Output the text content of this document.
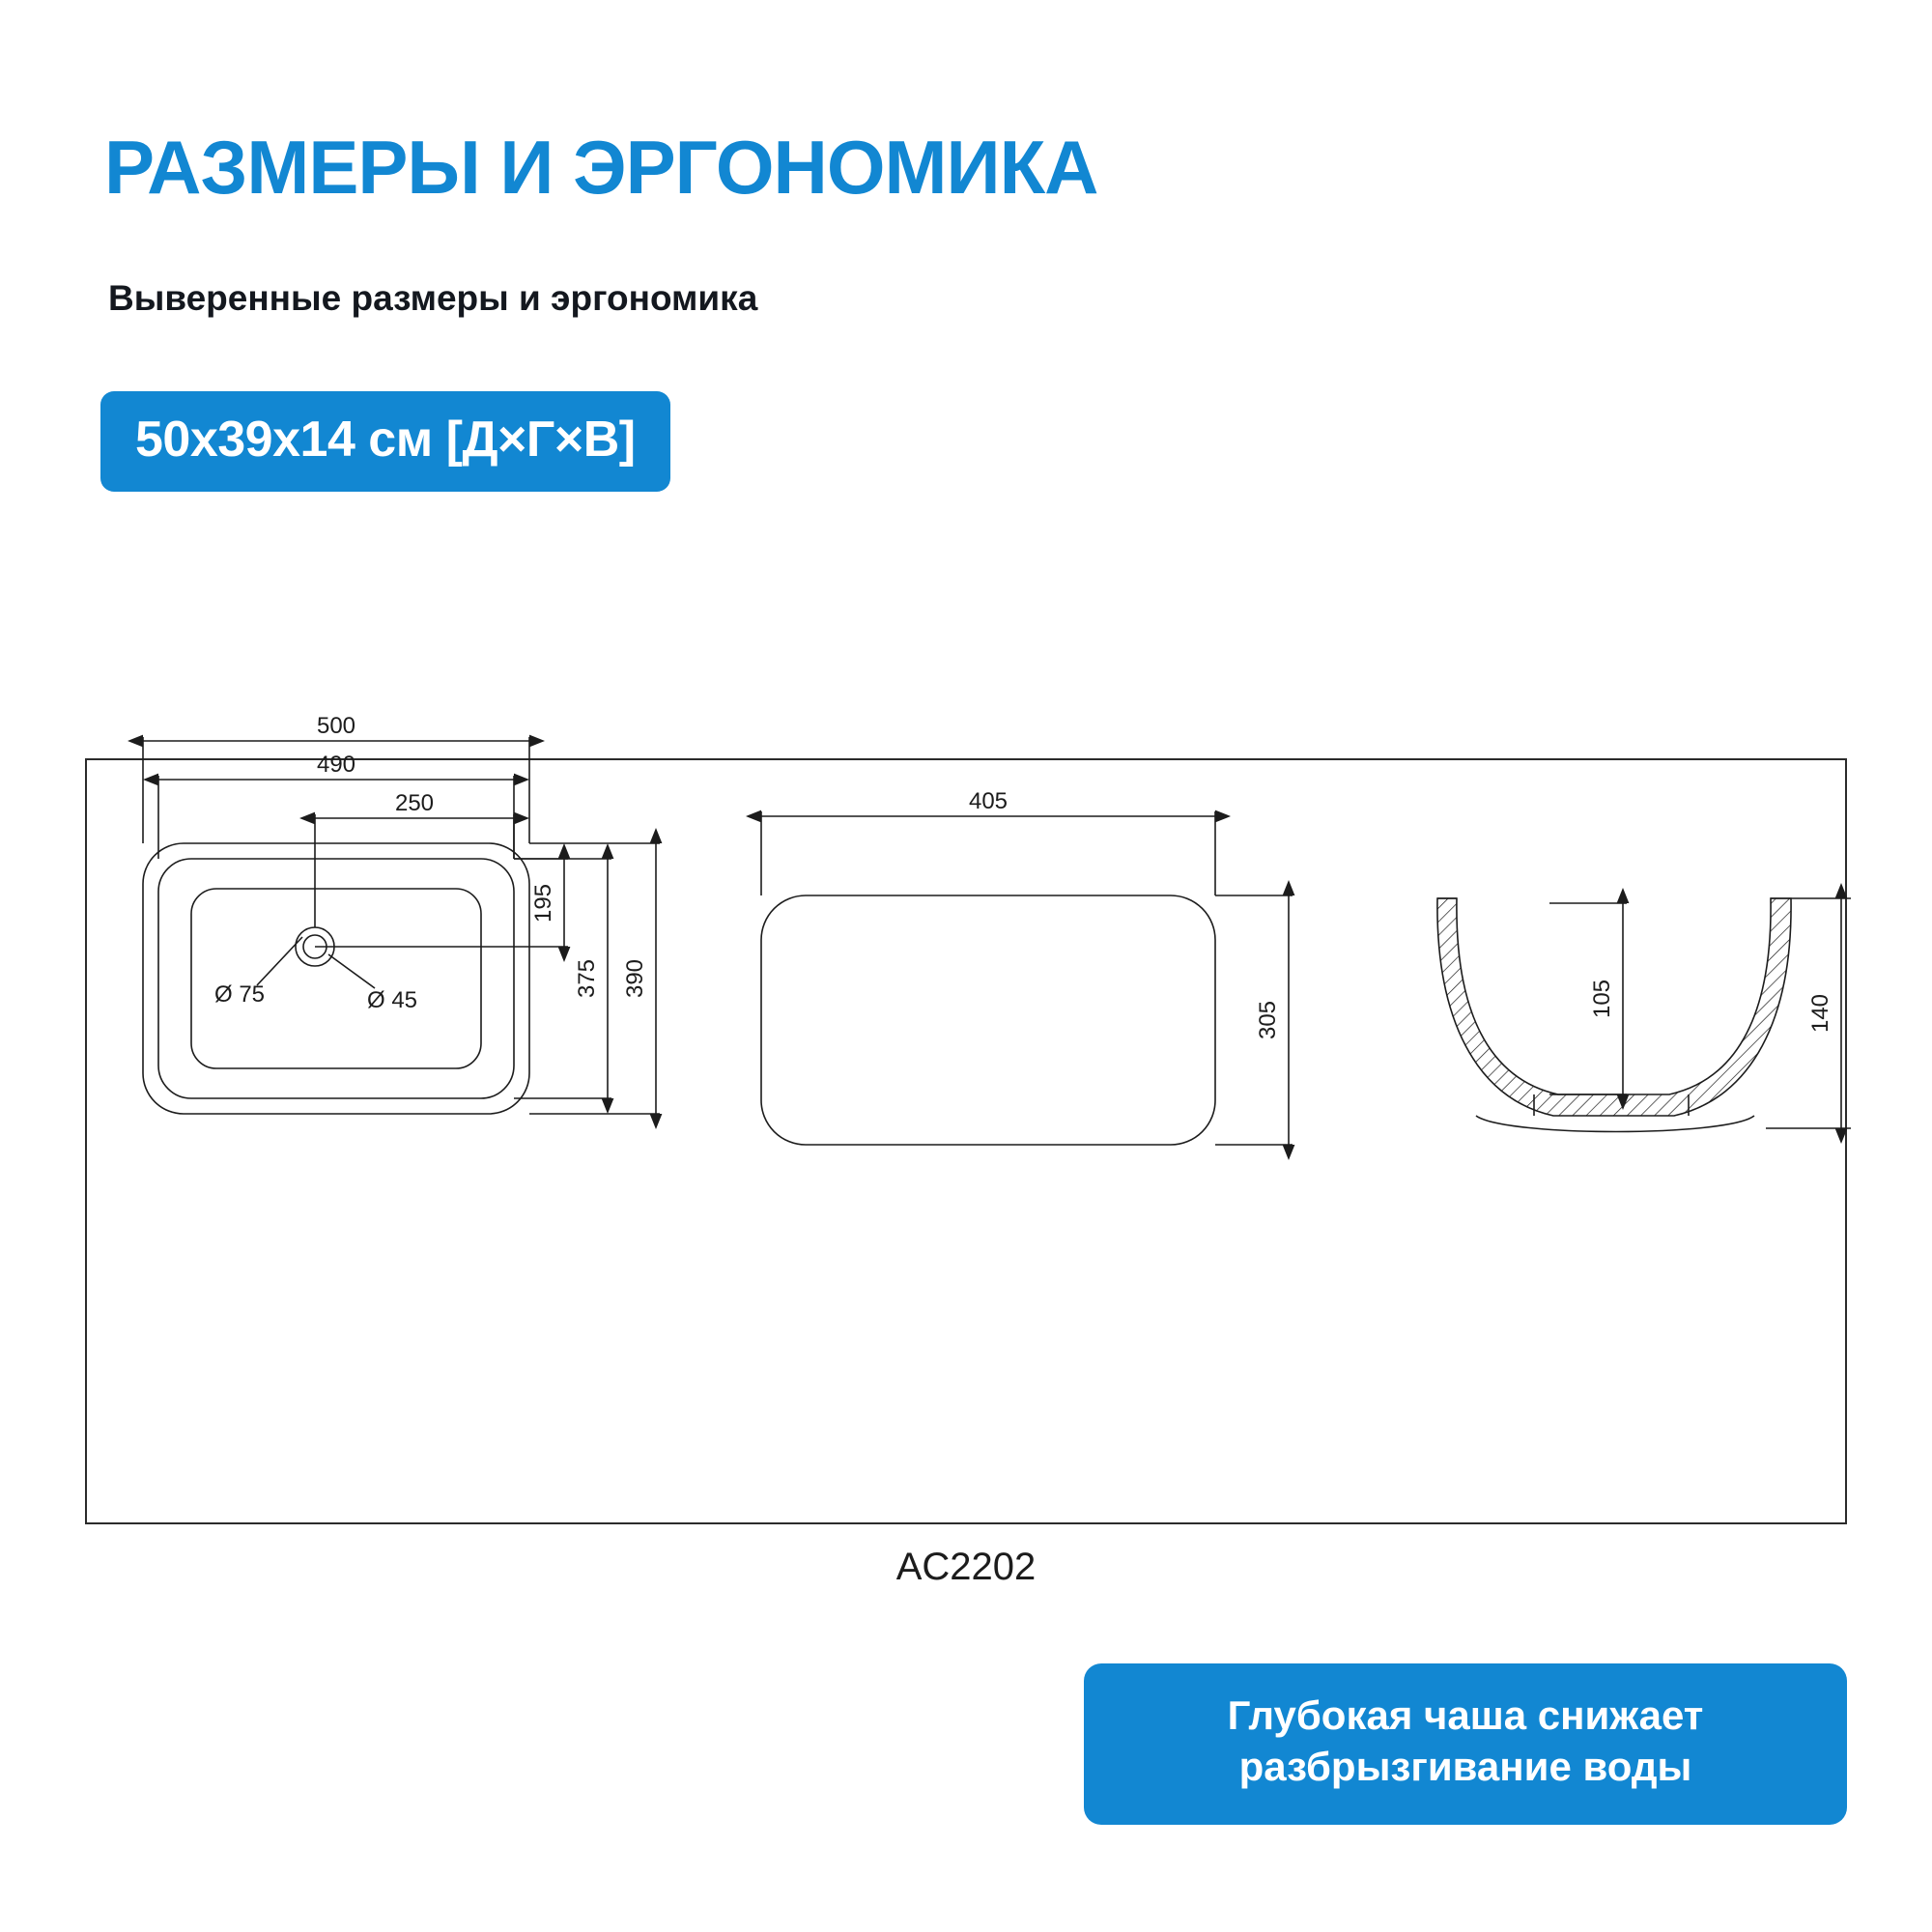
РАЗМЕРЫ И ЭРГОНОМИКА
Выверенные размеры и эргономика
50x39x14 см [Д×Г×В]
500
490
250	405
195
375 390
305
105	140
Ø 75	Ø 45
AC2202
Глубокая чаша снижает
разбрызгивание воды
